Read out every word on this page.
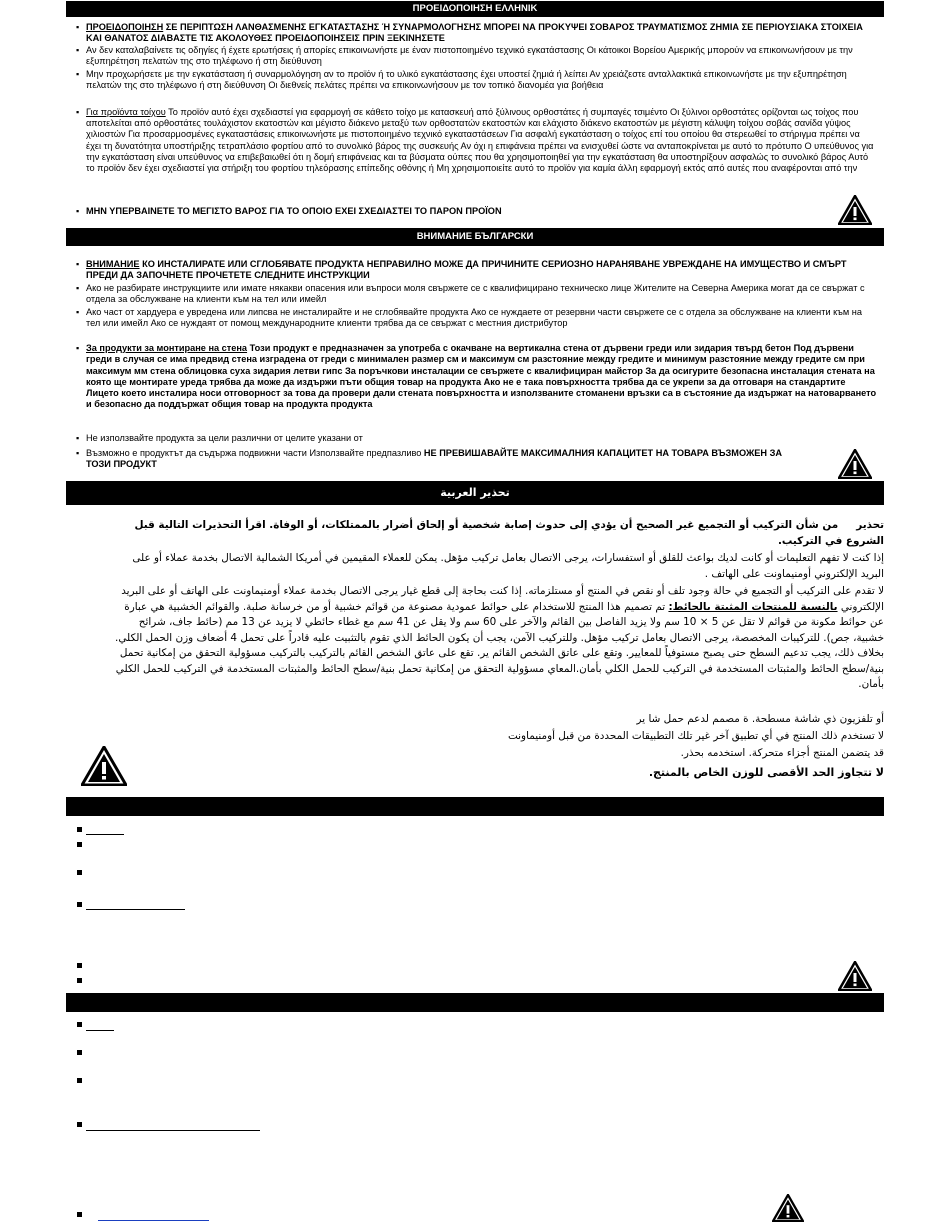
ΠΡΟΕΙΔΟΠΟΙΗΣΗ ΕΛΛΗΝΙΚ
▪ ΠΡΟΕΙΔΟΠΟΙΗΣΗ ΣΕ ΠΕΡΙΠΤΩΣΗ ΛΑΝΘΑΣΜΕΝΗΣ ΕΓΚΑΤΑΣΤΑΣΗΣ Ή ΣΥΝΑΡΜΟΛΟΓΗΣΗΣ ΜΠΟΡΕΙ ΝΑ ΠΡΟΚΥΨΕΙ ΣΟΒΑΡΟΣ ΤΡΑΥΜΑΤΙΣΜΟΣ ΖΗΜΙΑ ΣΕ ΠΕΡΙΟΥΣΙΑΚΑ ΣΤΟΙΧΕΙΑ ΚΑΙ ΘΑΝΑΤΟΣ ΔΙΑΒΑΣΤΕ ΤΙΣ ΑΚΟΛΟΥΘΕΣ ΠΡΟΕΙΔΟΠΟΙΗΣΕΙΣ ΠΡΙΝ ΞΕΚΙΝΗΣΕΤΕ
▪ Αν δεν καταλαβαίνετε τις οδηγίες ή έχετε ερωτήσεις ή απορίες επικοινωνήστε με έναν πιστοποιημένο τεχνικό εγκατάστασης Οι κάτοικοι Βορείου Αμερικής μπορούν να επικοινωνήσουν με την εξυπηρέτηση πελατών της στο τηλέφωνο ή στη διεύθυνση
▪ Μην προχωρήσετε με την εγκατάσταση ή συναρμολόγηση αν το προϊόν ή το υλικό εγκατάστασης έχει υποστεί ζημιά ή λείπει Αν χρειάζεστε ανταλλακτικά επικοινωνήστε με την εξυπηρέτηση πελατών της στο τηλέφωνο ή στη διεύθυνση Οι διεθνείς πελάτες πρέπει να επικοινωνήσουν με τον τοπικό διανομέα για βοήθεια
▪ Για προϊόντα τοίχου Το προϊόν αυτό έχει σχεδιαστεί για εφαρμογή σε κάθετο τοίχο με κατασκευή από ξύλινους ορθοστάτες ή συμπαγές τσιμέντο Οι ξύλινοι ορθοστάτες ορίζονται ως τοίχος που αποτελείται από ορθοστάτες τουλάχιστον εκατοστών και μέγιστο διάκενο μεταξύ των ορθοστατών εκατοστών και ελάχιστο διάκενο εκατοστών με μέγιστη κάλυψη τοίχου σοβάς σανίδα γύψος χιλιοστών Για προσαρμοσμένες εγκαταστάσεις επικοινωνήστε με πιστοποιημένο τεχνικό εγκαταστάσεων Για ασφαλή εγκατάσταση ο τοίχος επί του οποίου θα στερεωθεί το στήριγμα πρέπει να έχει τη δυνατότητα υποστήριξης τετραπλάσιο φορτίου από το συνολικό βάρος της συσκευής Αν όχι η επιφάνεια πρέπει να ενισχυθεί ώστε να ανταποκρίνεται με αυτό το πρότυπο Ο υπεύθυνος για την εγκατάσταση είναι υπεύθυνος να επιβεβαιωθεί ότι η δομή επιφάνειας και τα βύσματα ούπες που θα χρησιμοποιηθεί για την εγκατάσταση θα υποστηρίξουν ασφαλώς το συνολικό βάρος Αυτό το προϊόν δεν έχει σχεδιαστεί για στήριξη του φορτίου τηλεόρασης επίπεδης οθόνης ή Μη χρησιμοποιείτε αυτό το προϊόν για καμία άλλη εφαρμογή εκτός από αυτές που αναφέρονται από την
▪ ΜΗΝ ΥΠΕΡΒΑΙΝΕΤΕ ΤΟ ΜΕΓΙΣΤΟ ΒΑΡΟΣ ΓΙΑ ΤΟ ΟΠΟΙΟ ΕΧΕΙ ΣΧΕΔΙΑΣΤΕΙ ΤΟ ΠΑΡΟΝ ΠΡΟΪΟΝ
ВНИМАНИЕ БЪЛГАРСКИ
▪ ВНИМАНИЕ КО ИНСТАЛИРАТЕ ИЛИ СГЛОБЯВАТЕ ПРОДУКТА НЕПРАВИЛНО МОЖЕ ДА ПРИЧИНИТЕ СЕРИОЗНО НАРАНЯВАНЕ УВРЕЖДАНЕ НА ИМУЩЕСТВО И СМЪРТ ПРЕДИ ДА ЗАПОЧНЕТЕ ПРОЧЕТЕТЕ СЛЕДНИТЕ ИНСТРУКЦИИ
▪ Ако не разбирате инструкциите или имате някакви опасения или въпроси моля свържете се с квалифицирано техническо лице Жителите на Северна Америка могат да се свържат с отдела за обслужване на клиенти към на тел или имейл
▪ Ако част от хардуера е увредена или липсва не инсталирайте и не сглобявайте продукта Ако се нуждаете от резервни части свържете се с отдела за обслужване на клиенти към на тел или имейл Ако се нуждаят от помощ международните клиенти трябва да се свържат с местния дистрибутор
▪ За продукти за монтиране на стена Този продукт е предназначен за употреба с окачване на вертикална стена от дървени греди или зидария твърд бетон Под дървени греди в случая се има предвид стена изградена от греди с минимален размер см и максимум см разстояние между гредите и минимум разстояние между гредите см при максимум мм стена облицовка суха зидария летви гипс За поръчкови инсталации се свържете с квалифициран майстор За да осигурите безопасна инсталация стената на която ще монтирате уреда трябва да може да издържи пъти общия товар на продукта Ако не е така повърхността трябва да се укрепи за да отговаря на стандартите Лицето което инсталира носи отговорност за това да провери дали стената повърхността и използваните стоманени връзки са в състояние да издържат на натоварването и безопасно да поддържат общия товар на продукта продукта
▪ Не използвайте продукта за цели различни от целите указани от
▪ Възможно е продуктът да съдържа подвижни части Използвайте предпазливо НЕ ПРЕВИШАВАЙТЕ МАКСИМАЛНИЯ КАПАЦИТЕТ НА ТОВАРА ВЪЗМОЖЕН ЗА ТОЗИ ПРОДУКТ
تحذير العربية
تحذير     من شأن التركيب أو التجميع غير الصحيح أن يؤدي إلى حدوث إصابة شخصية أو إلحاق أضرار بالممتلكات، أو الوفاة. اقرأ التحذيرات التالية قبل الشروع في التركيب.
إذا كنت لا تفهم التعليمات أو كانت لديك بواعث للقلق أو استفسارات، يرجى الاتصال بعامل تركيب مؤهل. يمكن للعملاء المقيمين في أمريكا الشمالية الاتصال بخدمة عملاء أو على البريد الإلكتروني أومنيماونت على الهاتف .
لا تقدم على التركيب أو التجميع في حالة وجود تلف أو نقص في المنتج أو مستلزماته. إذا كنت بحاجة إلى قطع غيار يرجى الاتصال بخدمة عملاء أومنيماونت على الهاتف أو على البريد الإلكتروني بالنسبة للمنتجات المثبتة بالحائط: تم تصميم هذا المنتج للاستخدام على حوائط عمودية مصنوعة من قوائم خشبية أو من خرسانة صلبة. والقوائم الخشبية هي عبارة عن حوائط مكونة من قوائم لا تقل عن 5 × 10 سم ولا يزيد الفاصل بين القائم والآخر على 60 سم ولا يقل عن 41 سم مع غطاء حائطي لا يزيد عن 13 مم (حائط جاف، شرائح خشبية، جص). للتركيبات المخصصة، يرجى الاتصال بعامل تركيب مؤهل. وللتركيب الآمن، يجب أن يكون الحائط الذي تقوم بالتثبيت عليه قادراً على تحمل 4 أضعاف وزن الحمل الكلي. بخلاف ذلك، يجب تدعيم السطح حتى يصبح مستوفياً للمعايير. وتقع على عاتق الشخص القائم ير. تقع على عاتق الشخص القائم بالتركيب بالتركيب مسؤولية التحقق من إمكانية تحمل بنية/سطح الحائط والمثبتات المستخدمة في التركيب للحمل الكلي بأمان.المعاي مسؤولية التحقق من إمكانية تحمل بنية/سطح الحائط والمثبتات المستخدمة في التركيب للحمل الكلي بأمان.
أو تلفزيون ذي شاشة مسطحة. ة مصمم لدعم حمل شا ير
لا تستخدم ذلك المنتج في أي تطبيق آخر غير تلك التطبيقات المحددة من قبل أومنيماونت
قد يتضمن المنتج أجزاء متحركة. استخدمه بحذر.
لا تتجاوز الحد الأقصى للوزن الخاص بالمنتج.
